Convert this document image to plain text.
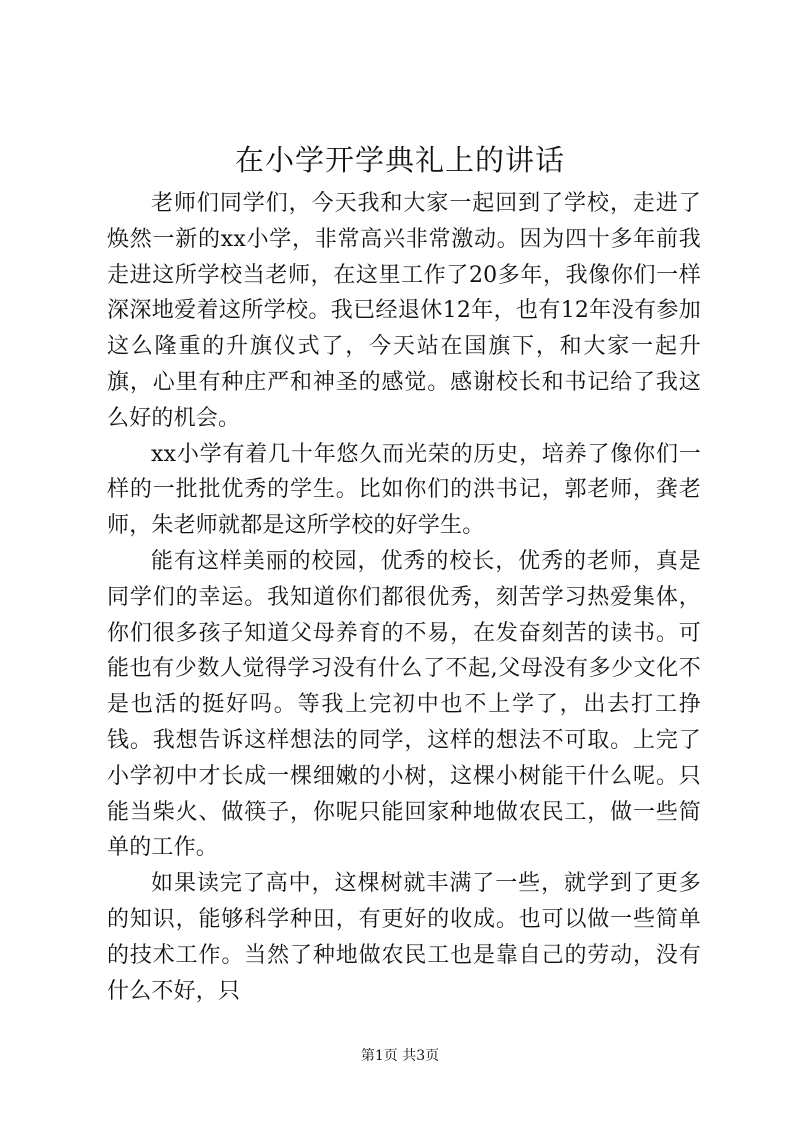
在小学开学典礼上的讲话

老师们同学们，今天我和大家一起回到了学校，走进了焕然一新的xx小学，非常高兴非常激动。因为四十多年前我走进这所学校当老师，在这里工作了20多年，我像你们一样深深地爱着这所学校。我已经退休12年，也有12年没有参加这么隆重的升旗仪式了，今天站在国旗下，和大家一起升旗，心里有种庄严和神圣的感觉。感谢校长和书记给了我这么好的机会。

xx小学有着几十年悠久而光荣的历史，培养了像你们一样的一批批优秀的学生。比如你们的洪书记，郭老师，龚老师，朱老师就都是这所学校的好学生。

能有这样美丽的校园，优秀的校长，优秀的老师，真是同学们的幸运。我知道你们都很优秀，刻苦学习热爱集体，你们很多孩子知道父母养育的不易，在发奋刻苦的读书。可能也有少数人觉得学习没有什么了不起,父母没有多少文化不是也活的挺好吗。等我上完初中也不上学了，出去打工挣钱。我想告诉这样想法的同学，这样的想法不可取。上完了小学初中才长成一棵细嫩的小树，这棵小树能干什么呢。只能当柴火、做筷子，你呢只能回家种地做农民工，做一些简单的工作。

如果读完了高中，这棵树就丰满了一些，就学到了更多的知识，能够科学种田，有更好的收成。也可以做一些简单的技术工作。当然了种地做农民工也是靠自己的劳动，没有什么不好，只

第1页 共3页
